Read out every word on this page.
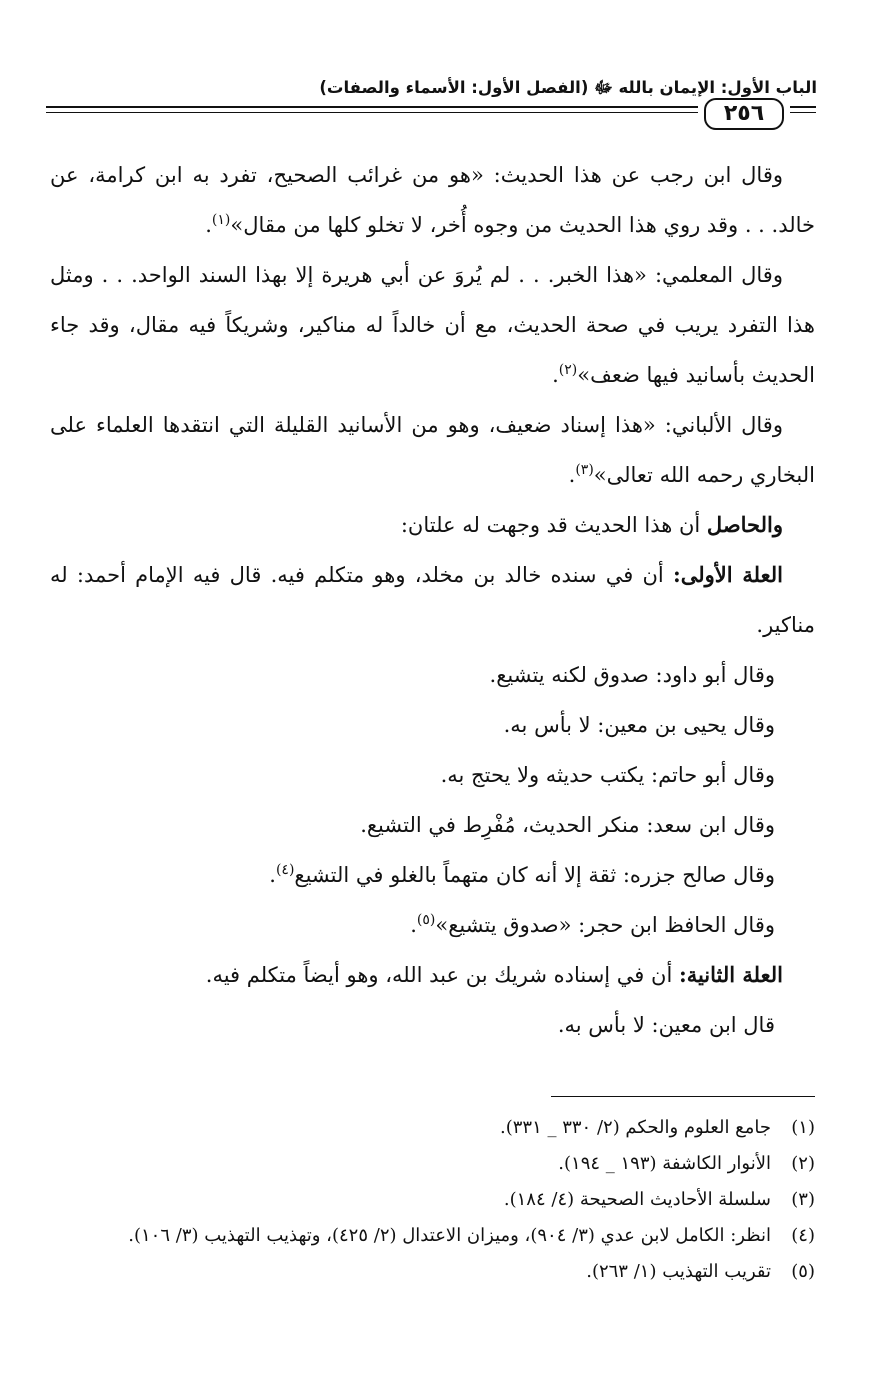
الباب الأول: الإيمان بالله ﷻ (الفصل الأول: الأسماء والصفات)
٢٥٦

وقال ابن رجب عن هذا الحديث: «هو من غرائب الصحيح، تفرد به ابن كرامة، عن خالد. . . وقد روي هذا الحديث من وجوه أُخر، لا تخلو كلها من مقال»$^{(١)}$.

وقال المعلمي: «هذا الخبر. . . لم يُروَ عن أبي هريرة إلا بهذا السند الواحد. . . ومثل هذا التفرد يريب في صحة الحديث، مع أن خالداً له مناكير، وشريكاً فيه مقال، وقد جاء الحديث بأسانيد فيها ضعف»$^{(٢)}$.

وقال الألباني: «هذا إسناد ضعيف، وهو من الأسانيد القليلة التي انتقدها العلماء على البخاري رحمه الله تعالى»$^{(٣)}$.

والحاصل أن هذا الحديث قد وجهت له علتان:

العلة الأولى: أن في سنده خالد بن مخلد، وهو متكلم فيه. قال فيه الإمام أحمد: له مناكير.

وقال أبو داود: صدوق لكنه يتشيع.

وقال يحيى بن معين: لا بأس به.

وقال أبو حاتم: يكتب حديثه ولا يحتج به.

وقال ابن سعد: منكر الحديث، مُفْرِط في التشيع.

وقال صالح جزره: ثقة إلا أنه كان متهماً بالغلو في التشيع$^{(٤)}$.

وقال الحافظ ابن حجر: «صدوق يتشيع»$^{(٥)}$.

العلة الثانية: أن في إسناده شريك بن عبد الله، وهو أيضاً متكلم فيه.

قال ابن معين: لا بأس به.

(١)
جامع العلوم والحكم (٢/ ٣٣٠ _ ٣٣١).
(٢)
الأنوار الكاشفة (١٩٣ _ ١٩٤).
(٣)
سلسلة الأحاديث الصحيحة (٤/ ١٨٤).
(٤)
انظر: الكامل لابن عدي (٣/ ٩٠٤)، وميزان الاعتدال (٢/ ٤٢٥)، وتهذيب التهذيب (٣/ ١٠٦).
(٥)
تقريب التهذيب (١/ ٢٦٣).
